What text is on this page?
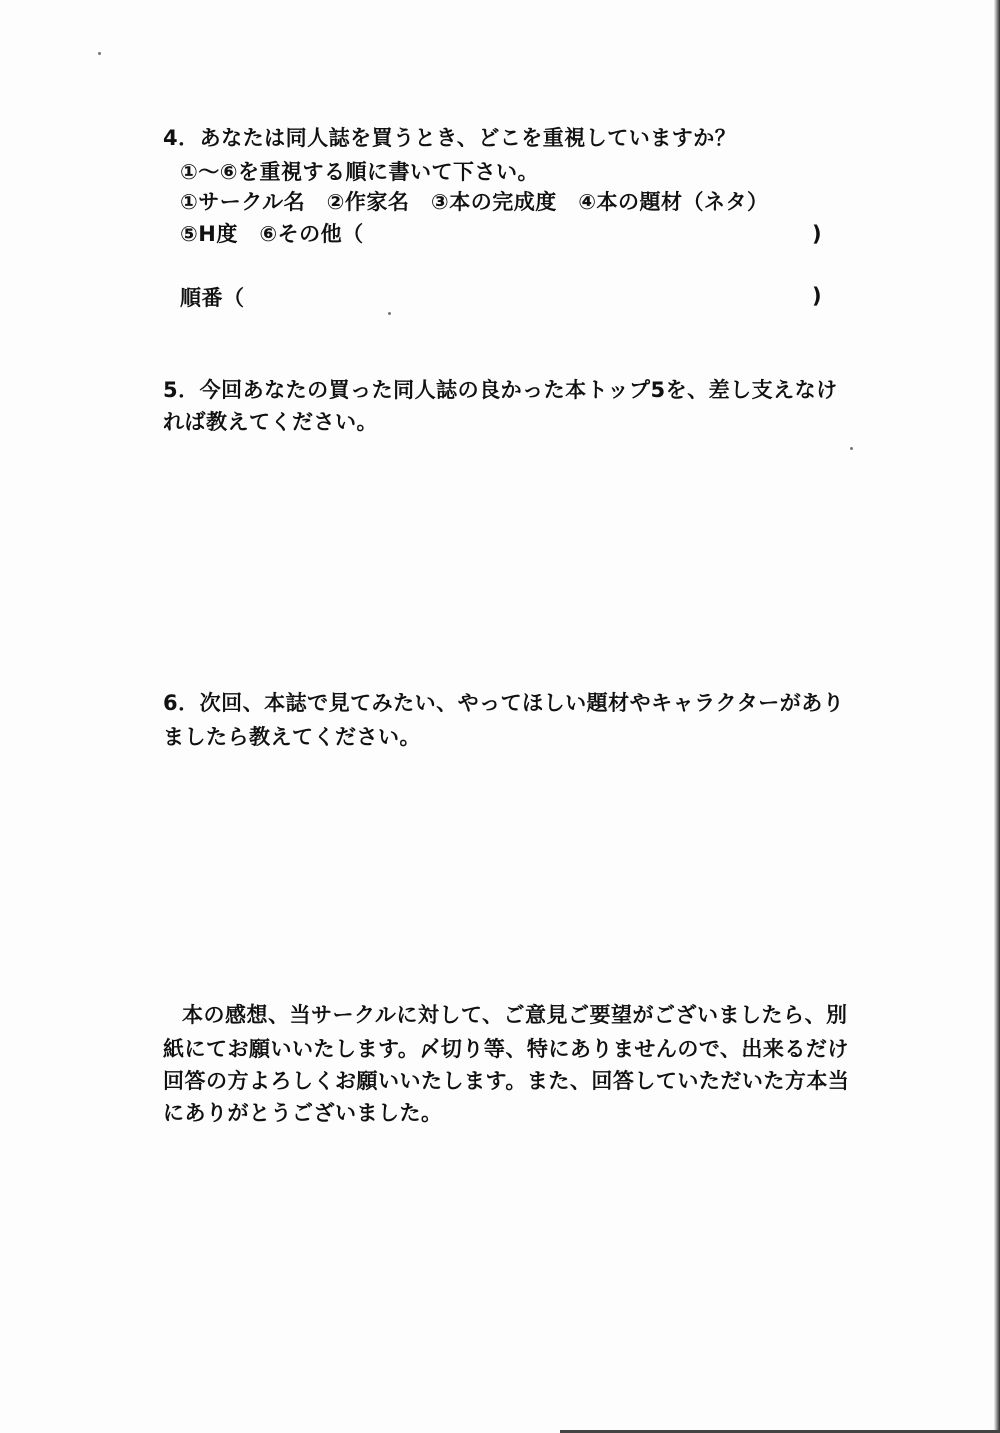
4．あなたは同人誌を買うとき、どこを重視していますか？
①～⑥を重視する順に書いて下さい。
①サークル名　②作家名　③本の完成度　④本の題材（ネタ）
⑤H度　⑥その他（	)
順番（	)
5．今回あなたの買った同人誌の良かった本トップ5を、差し支えなけ
れば教えてください。
6．次回、本誌で見てみたい、やってほしい題材やキャラクターがあり
ましたら教えてください。
本の感想、当サークルに対して、ご意見ご要望がございましたら、別
紙にてお願いいたします。〆切り等、特にありませんので、出来るだけ
回答の方よろしくお願いいたします。また、回答していただいた方本当
にありがとうございました。
